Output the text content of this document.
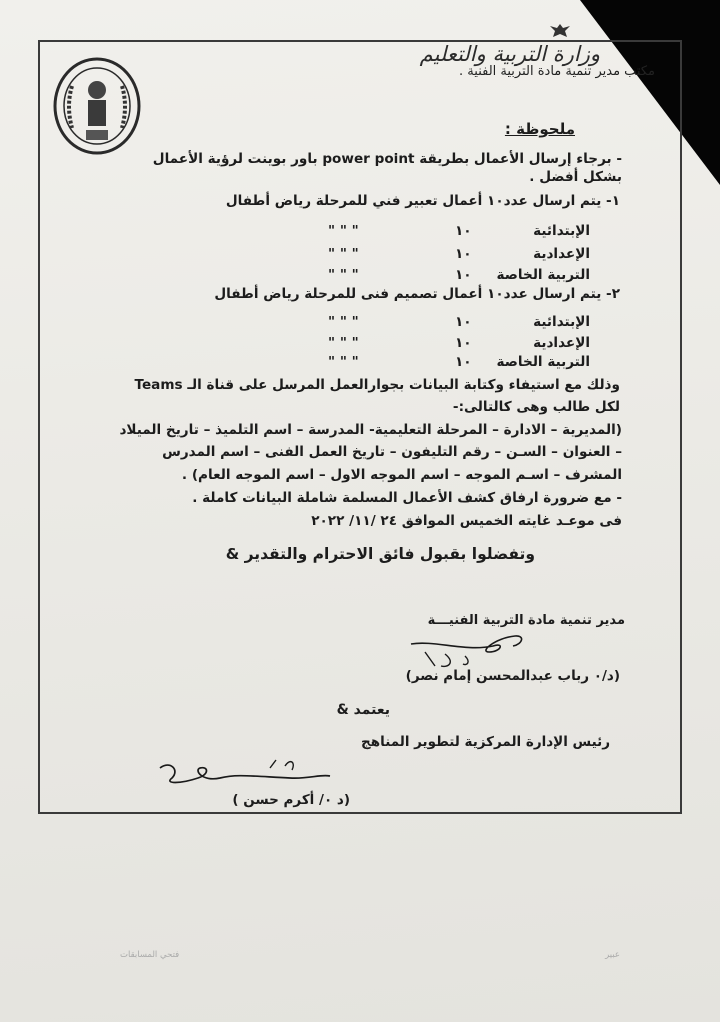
وزارة التربية والتعليم
مكتب مدير تنمية مادة التربية الفنية .
ملحوظة :
- برجاء إرسال الأعمال بطريقة power point باور بوينت لرؤية الأعمال
بشكل أفضل .
١- يتم ارسال عدد١٠ أعمال تعبير فني للمرحلة رياض أطفال
الإبتدائية
١٠
" " "
الإعدادية
١٠
" " "
التربية الخاصة
١٠
" " "
٢- يتم ارسال عدد١٠ أعمال تصميم فنى للمرحلة رياض أطفال
الإبتدائية
١٠
" " "
الإعدادية
١٠
" " "
التربية الخاصة
١٠
" " "
وذلك مع استيفاء وكتابة البيانات بجوارالعمل المرسل على قناة الـ Teams
لكل طالب وهى كالتالى:-
(المديرية – الادارة – المرحلة التعليمية- المدرسة – اسم التلميذ – تاريخ الميلاد
– العنوان – السـن – رقم التليفون – تاريخ العمل الفنى – اسم المدرس
المشرف – اسـم الموجه – اسم الموجه الاول – اسم الموجه العام) .
- مع ضرورة ارفاق كشف الأعمال المسلمة شاملة البيانات كاملة .
فى موعـد غايته الخميس الموافق ٢٤ /١١/ ٢٠٢٢
وتفضلوا بقبول فائق الاحترام والتقدير &
مدير تنمية مادة التربية الفنيـــة
(د/٠ رباب عبدالمحسن إمام نصر)
يعتمد &
رئيس الإدارة المركزية لتطوير المناهج
(د ٠/ أكرم حسن )
فتحي المسابقات	عبير
